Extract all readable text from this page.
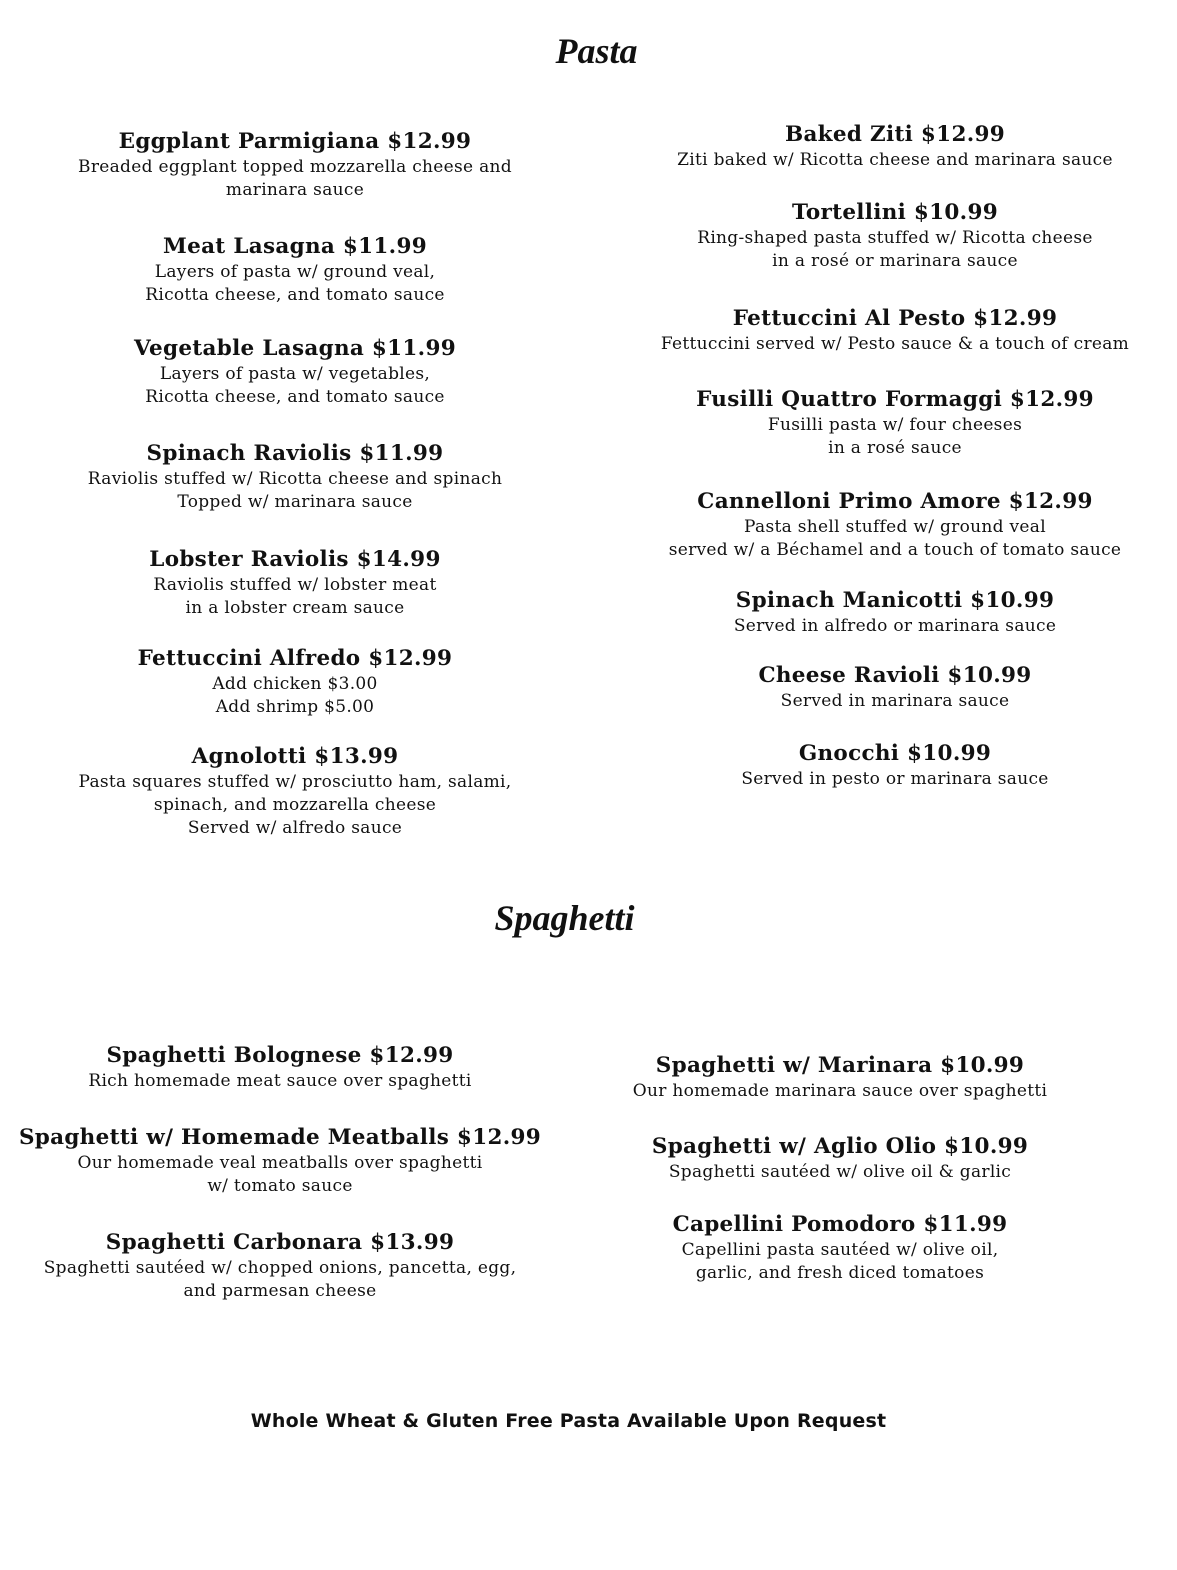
Pasta
Eggplant Parmigiana $12.99
Breaded eggplant topped mozzarella cheese and
marinara sauce
Meat Lasagna $11.99
Layers of pasta w/ ground veal,
Ricotta cheese, and tomato sauce
Vegetable Lasagna $11.99
Layers of pasta w/ vegetables,
Ricotta cheese, and tomato sauce
Spinach Raviolis $11.99
Raviolis stuffed w/ Ricotta cheese and spinach
Topped w/ marinara sauce
Lobster Raviolis $14.99
Raviolis stuffed w/ lobster meat
in a lobster cream sauce
Fettuccini Alfredo $12.99
Add chicken $3.00
Add shrimp $5.00
Agnolotti $13.99
Pasta squares stuffed w/ prosciutto ham, salami,
spinach, and mozzarella cheese
Served w/ alfredo sauce
Baked Ziti $12.99
Ziti baked w/ Ricotta cheese and marinara sauce
Tortellini $10.99
Ring-shaped pasta stuffed w/ Ricotta cheese
in a rosé or marinara sauce
Fettuccini Al Pesto $12.99
Fettuccini served w/ Pesto sauce & a touch of cream
Fusilli Quattro Formaggi $12.99
Fusilli pasta w/ four cheeses
in a rosé sauce
Cannelloni Primo Amore $12.99
Pasta shell stuffed w/ ground veal
served w/ a Béchamel and a touch of tomato sauce
Spinach Manicotti $10.99
Served in alfredo or marinara sauce
Cheese Ravioli $10.99
Served in marinara sauce
Gnocchi $10.99
Served in pesto or marinara sauce
Spaghetti
Spaghetti Bolognese $12.99
Rich homemade meat sauce over spaghetti
Spaghetti w/ Homemade Meatballs $12.99
Our homemade veal meatballs over spaghetti
w/ tomato sauce
Spaghetti Carbonara $13.99
Spaghetti sautéed w/ chopped onions, pancetta, egg,
and parmesan cheese
Spaghetti w/ Marinara $10.99
Our homemade marinara sauce over spaghetti
Spaghetti w/ Aglio Olio $10.99
Spaghetti sautéed w/ olive oil & garlic
Capellini Pomodoro $11.99
Capellini pasta sautéed w/ olive oil,
garlic, and fresh diced tomatoes
Whole Wheat & Gluten Free Pasta Available Upon Request
